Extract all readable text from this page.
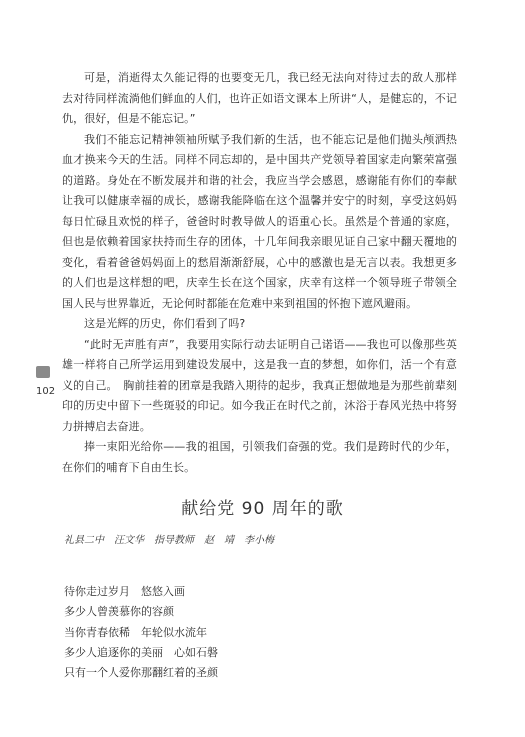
可是，消逝得太久能记得的也要变无几，我已经无法向对待过去的敌人那样去对待同样流淌他们鲜血的人们，也许正如语文课本上所讲“人，是健忘的，不记仇，很好，但是不能忘记。”

我们不能忘记精神领袖所赋予我们新的生活，也不能忘记是他们抛头颅洒热血才换来今天的生活。同样不同忘却的，是中国共产党领导着国家走向繁荣富强的道路。身处在不断发展并和谐的社会，我应当学会感恩，感谢能有你们的奉献让我可以健康幸福的成长，感谢我能降临在这个温馨并安宁的时刻，享受这妈妈每日忙碌且欢悦的样子，爸爸时时教导做人的语重心长。虽然是个普通的家庭，但也是依赖着国家扶持而生存的团体，十几年间我亲眼见证自己家中翻天覆地的变化，看着爸爸妈妈面上的愁眉渐渐舒展，心中的感激也是无言以表。我想更多的人们也是这样想的吧，庆幸生长在这个国家，庆幸有这样一个领导班子带领全国人民与世界靠近，无论何时都能在危难中来到祖国的怀抱下遮风避雨。

这是光辉的历史，你们看到了吗?

“此时无声胜有声”，我要用实际行动去证明自己诺语——我也可以像那些英雄一样将自己所学运用到建设发展中，这是我一直的梦想，如你们，活一个有意义的自己。　胸前挂着的团章是我踏入期待的起步，我真正想做地是为那些前辈刻印的历史中留下一些斑驳的印记。如今我正在时代之前，沐浴于春风光热中将努力拼搏启去奋进。

捧一束阳光给你——我的祖国，引领我们奋强的党。我们是跨时代的少年，在你们的哺育下自由生长。

102
献给党 90 周年的歌
礼县二中　汪文华　指导教师　赵　靖　李小梅
待你走过岁月　悠悠入画
多少人曾羡慕你的容颜
当你青春依稀　年轮似水流年
多少人追逐你的美丽　心如石磐
只有一个人爱你那翻红着的圣颜
